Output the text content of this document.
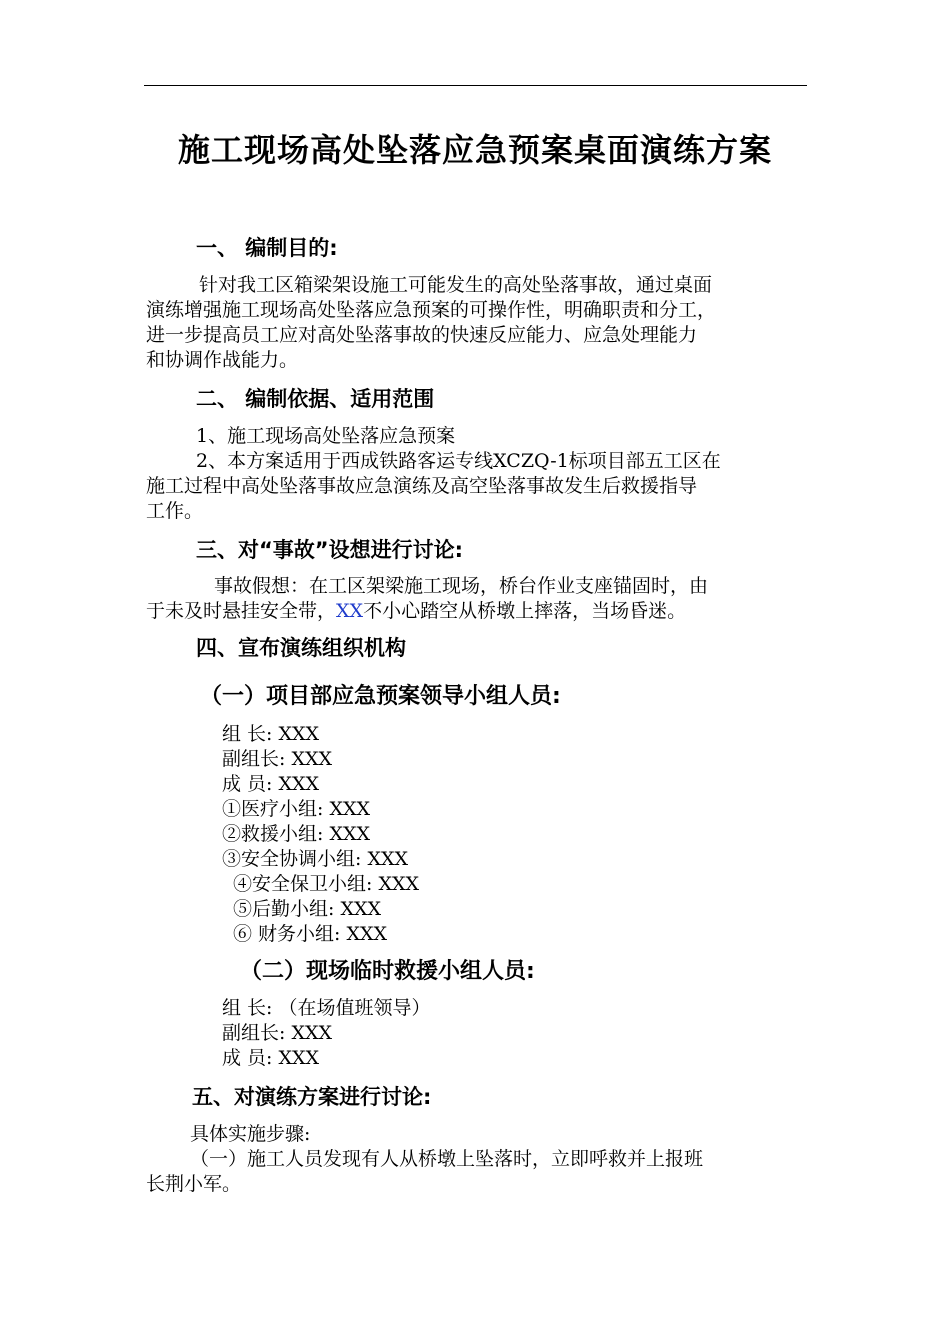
施工现场高处坠落应急预案桌面演练方案
一、 编制目的:
针对我工区箱梁架设施工可能发生的高处坠落事故，通过桌面
演练增强施工现场高处坠落应急预案的可操作性，明确职责和分工，
进一步提高员工应对高处坠落事故的快速反应能力、应急处理能力
和协调作战能力。
二、 编制依据、适用范围
1、施工现场高处坠落应急预案
2、本方案适用于西成铁路客运专线XCZQ-1标项目部五工区在
施工过程中高处坠落事故应急演练及高空坠落事故发生后救援指导
工作。
三、对“事故”设想进行讨论:
事故假想：在工区架梁施工现场，桥台作业支座锚固时，由
于未及时悬挂安全带，XX不小心踏空从桥墩上摔落，当场昏迷。
四、宣布演练组织机构
（一）项目部应急预案领导小组人员:
组 长: XXX
副组长: XXX
成 员: XXX
①医疗小组: XXX
②救援小组: XXX
③安全协调小组: XXX
④安全保卫小组: XXX
⑤后勤小组: XXX
⑥ 财务小组: XXX
（二）现场临时救援小组人员:
组 长: （在场值班领导）
副组长: XXX
成 员: XXX
五、对演练方案进行讨论:
具体实施步骤:
（一）施工人员发现有人从桥墩上坠落时，立即呼救并上报班
长荆小军。
